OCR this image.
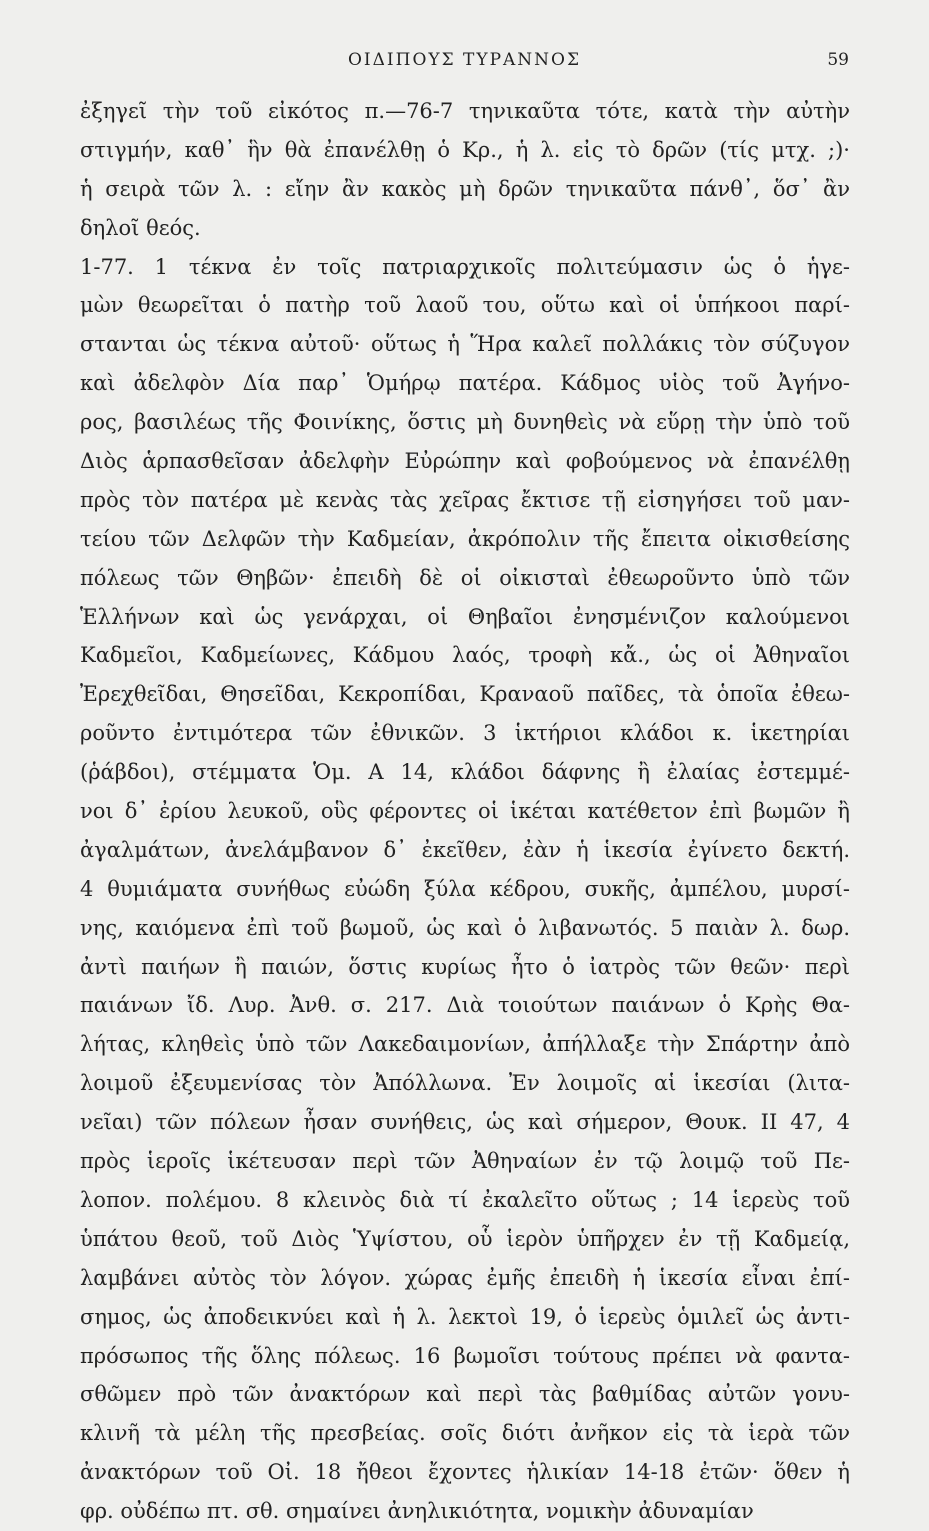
ΟΙΔΙΠΟΥΣ ΤΥΡΑΝΝΟΣ	59
ἐξηγεῖ τὴν τοῦ εἰκότος π.—76-7 τηνικαῦτα τότε, κατὰ τὴν αὐτὴν
στιγμήν, καθ᾽ ἣν θὰ ἐπανέλθῃ ὁ Κρ., ἡ λ. εἰς τὸ δρῶν (τίς μτχ. ;)·
ἡ σειρὰ τῶν λ. : εἴην ἂν κακὸς μὴ δρῶν τηνικαῦτα πάνθ᾽, ὅσ᾽ ἂν
δηλοῖ θεός.
1-77. 1 τέκνα ἐν τοῖς πατριαρχικοῖς πολιτεύμασιν ὡς ὁ ἡγε-
μὼν θεωρεῖται ὁ πατὴρ τοῦ λαοῦ του, οὕτω καὶ οἱ ὑπήκοοι παρί-
στανται ὡς τέκνα αὐτοῦ· οὕτως ἡ Ἥρα καλεῖ πολλάκις τὸν σύζυγον
καὶ ἀδελφὸν Δία παρ᾽ Ὁμήρῳ πατέρα. Κάδμος υἱὸς τοῦ Ἀγήνο-
ρος, βασιλέως τῆς Φοινίκης, ὅστις μὴ δυνηθεὶς νὰ εὕρῃ τὴν ὑπὸ τοῦ
Διὸς ἁρπασθεῖσαν ἀδελφὴν Εὐρώπην καὶ φοβούμενος νὰ ἐπανέλθῃ
πρὸς τὸν πατέρα μὲ κενὰς τὰς χεῖρας ἔκτισε τῇ εἰσηγήσει τοῦ μαν-
τείου τῶν Δελφῶν τὴν Καδμείαν, ἀκρόπολιν τῆς ἔπειτα οἰκισθείσης
πόλεως τῶν Θηβῶν· ἐπειδὴ δὲ οἱ οἰκισταὶ ἐθεωροῦντο ὑπὸ τῶν
Ἑλλήνων καὶ ὡς γενάρχαι, οἱ Θηβαῖοι ἐνησμένιζον καλούμενοι
Καδμεῖοι, Καδμείωνες, Κάδμου λαός, τροφὴ κἄ., ὡς οἱ Ἀθηναῖοι
Ἐρεχθεῖδαι, Θησεῖδαι, Κεκροπίδαι, Κραναοῦ παῖδες, τὰ ὁποῖα ἐθεω-
ροῦντο ἐντιμότερα τῶν ἐθνικῶν. 3 ἱκτήριοι κλάδοι κ. ἱκετηρίαι
(ῥάβδοι), στέμματα Ὁμ. Α 14, κλάδοι δάφνης ἢ ἐλαίας ἐστεμμέ-
νοι δ᾽ ἐρίου λευκοῦ, οὓς φέροντες οἱ ἱκέται κατέθετον ἐπὶ βωμῶν ἢ
ἀγαλμάτων, ἀνελάμβανον δ᾽ ἐκεῖθεν, ἐὰν ἡ ἱκεσία ἐγίνετο δεκτή.
4 θυμιάματα συνήθως εὐώδη ξύλα κέδρου, συκῆς, ἀμπέλου, μυρσί-
νης, καιόμενα ἐπὶ τοῦ βωμοῦ, ὡς καὶ ὁ λιβανωτός. 5 παιὰν λ. δωρ.
ἀντὶ παιήων ἢ παιών, ὅστις κυρίως ἦτο ὁ ἰατρὸς τῶν θεῶν· περὶ
παιάνων ἴδ. Λυρ. Ἀνθ. σ. 217. Διὰ τοιούτων παιάνων ὁ Κρὴς Θα-
λήτας, κληθεὶς ὑπὸ τῶν Λακεδαιμονίων, ἀπήλλαξε τὴν Σπάρτην ἀπὸ
λοιμοῦ ἐξευμενίσας τὸν Ἀπόλλωνα. Ἐν λοιμοῖς αἱ ἱκεσίαι (λιτα-
νεῖαι) τῶν πόλεων ἦσαν συνήθεις, ὡς καὶ σήμερον, Θουκ. II 47, 4
πρὸς ἱεροῖς ἱκέτευσαν περὶ τῶν Ἀθηναίων ἐν τῷ λοιμῷ τοῦ Πε-
λοπον. πολέμου. 8 κλεινὸς διὰ τί ἐκαλεῖτο οὕτως ; 14 ἱερεὺς τοῦ
ὑπάτου θεοῦ, τοῦ Διὸς Ὑψίστου, οὗ ἱερὸν ὑπῆρχεν ἐν τῇ Καδμείᾳ,
λαμβάνει αὐτὸς τὸν λόγον. χώρας ἐμῆς ἐπειδὴ ἡ ἱκεσία εἶναι ἐπί-
σημος, ὡς ἀποδεικνύει καὶ ἡ λ. λεκτοὶ 19, ὁ ἱερεὺς ὁμιλεῖ ὡς ἀντι-
πρόσωπος τῆς ὅλης πόλεως. 16 βωμοῖσι τούτους πρέπει νὰ φαντα-
σθῶμεν πρὸ τῶν ἀνακτόρων καὶ περὶ τὰς βαθμίδας αὐτῶν γονυ-
κλινῆ τὰ μέλη τῆς πρεσβείας. σοῖς διότι ἀνῆκον εἰς τὰ ἱερὰ τῶν
ἀνακτόρων τοῦ Οἰ. 18 ἤθεοι ἔχοντες ἡλικίαν 14-18 ἐτῶν· ὅθεν ἡ
φρ. οὐδέπω πτ. σθ. σημαίνει ἀνηλικιότητα, νομικὴν ἀδυναμίαν
